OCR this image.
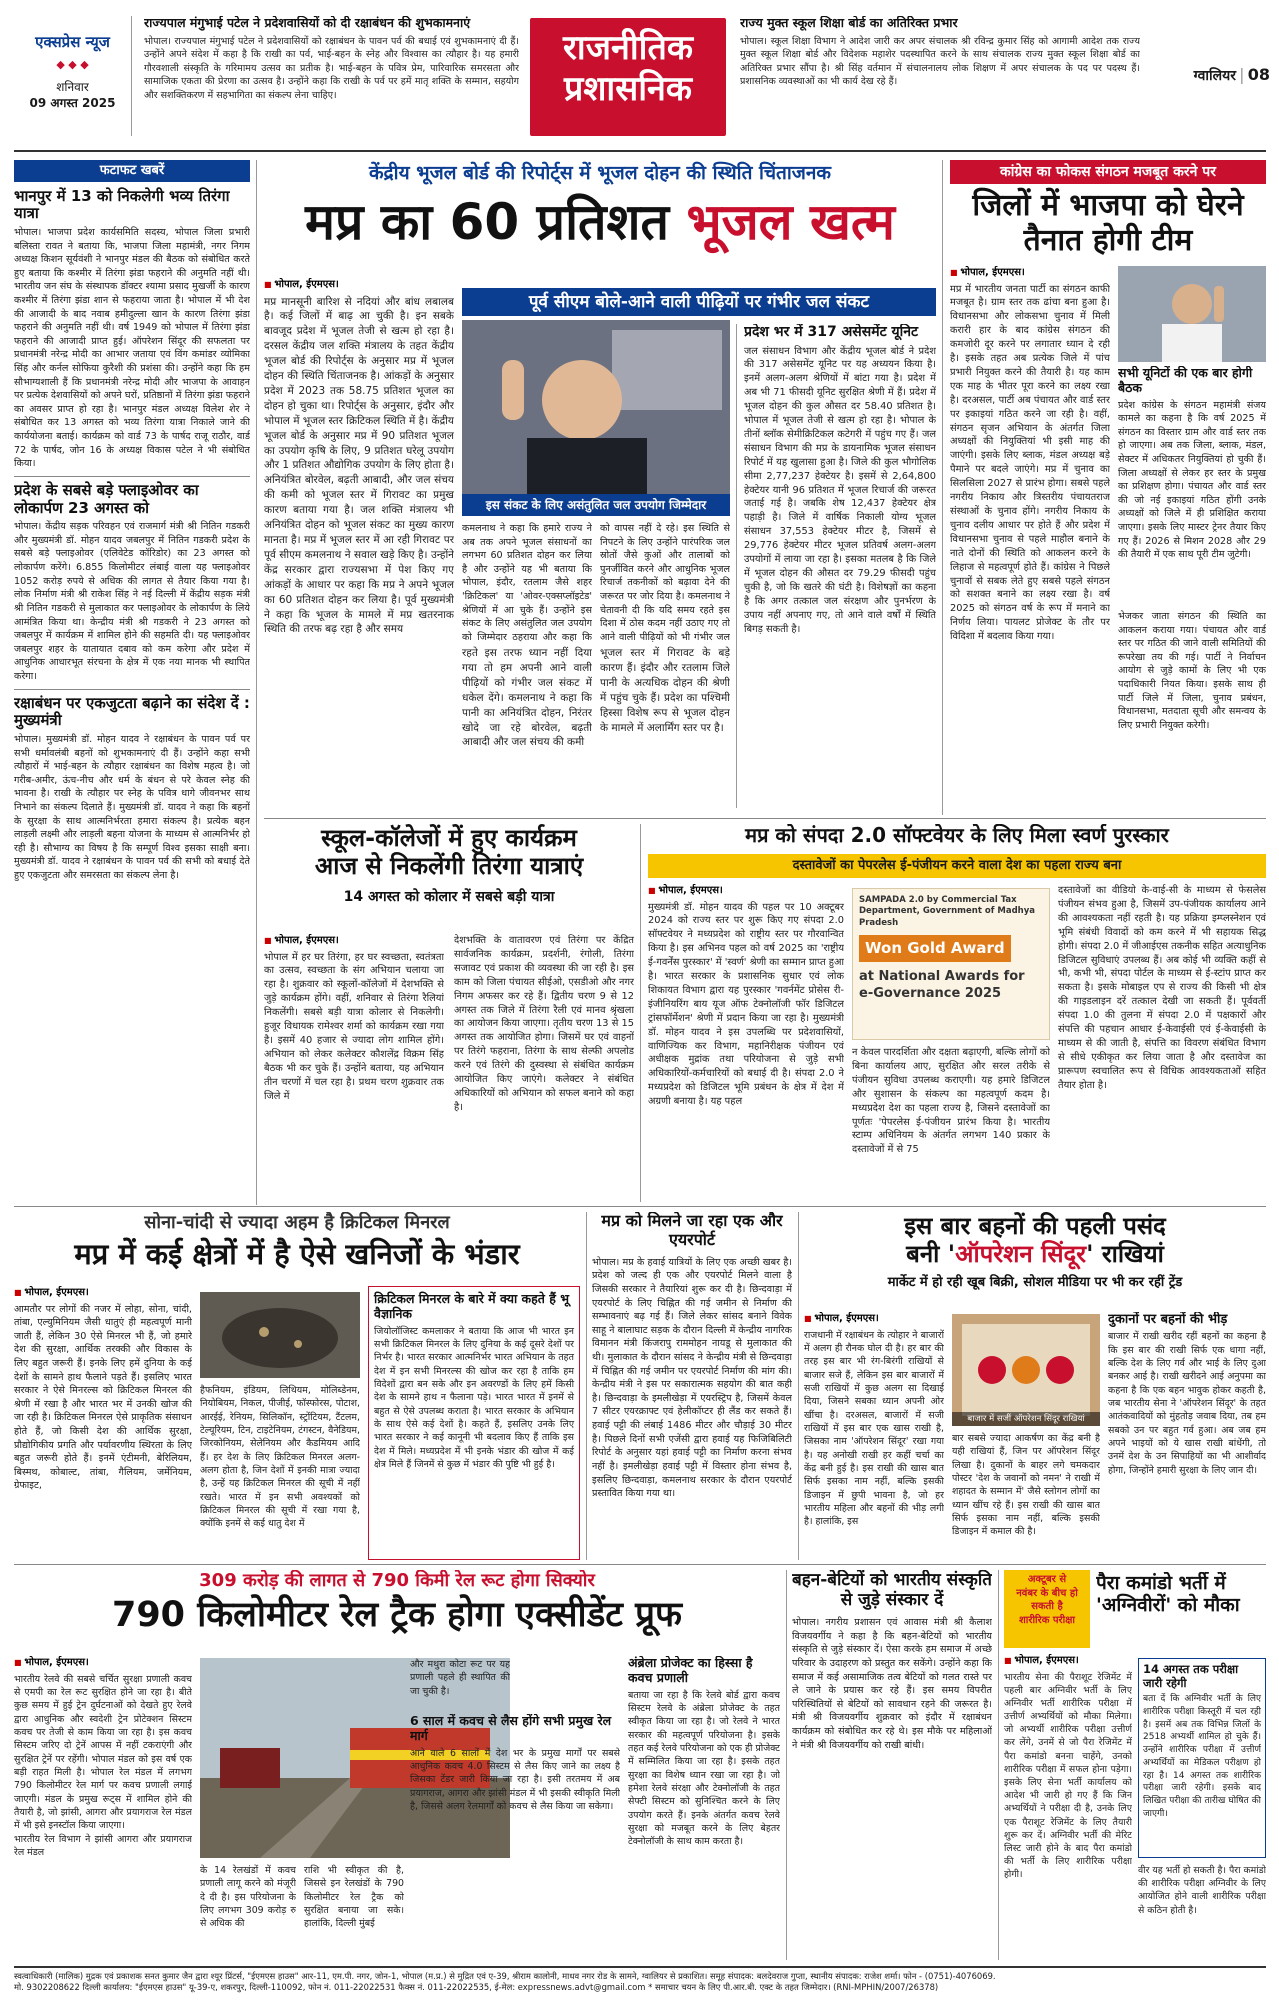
एक्सप्रेस न्यूज
◆ ◆ ◆
शनिवार
09 अगस्त 2025
राज्यपाल मंगुभाई पटेल ने प्रदेशवासियों को दी रक्षाबंधन की शुभकामनाएं
भोपाल। राज्यपाल मंगुभाई पटेल ने प्रदेशवासियों को रक्षाबंधन के पावन पर्व की बधाई एवं शुभकामनाएं दी हैं। उन्होंने अपने संदेश में कहा है कि राखी का पर्व, भाई-बहन के स्नेह और विश्वास का त्यौहार है। यह हमारी गौरवशाली संस्कृति के गरिमामय उत्सव का प्रतीक है। भाई-बहन के पवित्र प्रेम, पारिवारिक समरसता और सामाजिक एकता की प्रेरणा का उत्सव है। उन्होंने कहा कि राखी के पर्व पर हमें मातृ शक्ति के सम्मान, सहयोग और सशक्तिकरण में सहभागिता का संकल्प लेना चाहिए।
राजनीतिक
प्रशासनिक
राज्य मुक्त स्कूल शिक्षा बोर्ड का अतिरिक्त प्रभार
भोपाल। स्कूल शिक्षा विभाग ने आदेश जारी कर अपर संचालक श्री रविन्द्र कुमार सिंह को आगामी आदेश तक राज्य मुक्त स्कूल शिक्षा बोर्ड और विदेशक महाशेर पदस्थापित करने के साथ संचालक राज्य मुक्त स्कूल शिक्षा बोर्ड का अतिरिक्त प्रभार सौंपा है। श्री सिंह वर्तमान में संचालनालय लोक शिक्षण में अपर संचालक के पद पर पदस्थ हैं। प्रशासनिक व्यवस्थाओं का भी कार्य देख रहे हैं।	ग्वालियर | 08
फटाफट खबरें
भानपुर में 13 को निकलेगी भव्य तिरंगा यात्रा
भोपाल। भाजपा प्रदेश कार्यसमिति सदस्य, भोपाल जिला प्रभारी बलिस्ता रावत ने बताया कि, भाजपा जिला महामंत्री, नगर निगम अध्यक्ष किशन सूर्यवंशी ने भानपुर मंडल की बैठक को संबोधित करते हुए बताया कि कश्मीर में तिरंगा झंडा फहराने की अनुमति नहीं थी। भारतीय जन संघ के संस्थापक डॉक्टर श्यामा प्रसाद मुखर्जी के कारण कश्मीर में तिरंगा झंडा शान से फहराया जाता है। भोपाल में भी देश की आजादी के बाद नवाब हमीदुल्ला खान के कारण तिरंगा झंडा फहराने की अनुमति नहीं थी। वर्ष 1949 को भोपाल में तिरंगा झंडा फहराने की आजादी प्राप्त हुई। ऑपरेशन सिंदूर की सफलता पर प्रधानमंत्री नरेन्द्र मोदी का आभार जताया एवं विंग कमांडर व्योमिका सिंह और कर्नल सोफिया कुरैशी की प्रशंसा की। उन्होंने कहा कि हम सौभाग्यशाली हैं कि प्रधानमंत्री नरेन्द्र मोदी और भाजपा के आवाहन पर प्रत्येक देशवासियों को अपने घरों, प्रतिष्ठानों में तिरंगा झंडा फहराने का अवसर प्राप्त हो रहा है। भानपुर मंडल अध्यक्ष विलेश शेर ने संबोधित कर 13 अगस्त को भव्य तिरंगा यात्रा निकाले जाने की कार्ययोजना बताई। कार्यक्रम को वार्ड 73 के पार्षद राजू राठौर, वार्ड 72 के पार्षद, जोन 16 के अध्यक्ष विकास पटेल ने भी संबोधित किया।
प्रदेश के सबसे बड़े फ्लाइओवर का लोकार्पण 23 अगस्त को
भोपाल। केंद्रीय सड़क परिवहन एवं राजमार्ग मंत्री श्री नितिन गडकरी और मुख्यमंत्री डॉ. मोहन यादव जबलपुर में नितिन गडकरी प्रदेश के सबसे बड़े फ्लाइओवर (एलिवेटेड कॉरिडोर) का 23 अगस्त को लोकार्पण करेंगे। 6.855 किलोमीटर लंबाई वाला यह फ्लाइओवर 1052 करोड़ रुपये से अधिक की लागत से तैयार किया गया है। लोक निर्माण मंत्री श्री राकेश सिंह ने नई दिल्ली में केंद्रीय सड़क मंत्री श्री नितिन गडकरी से मुलाकात कर फ्लाइओवर के लोकार्पण के लिये आमंत्रित किया था। केन्द्रीय मंत्री श्री गडकरी ने 23 अगस्त को जबलपुर में कार्यक्रम में शामिल होने की सहमति दी। यह फ्लाइओवर जबलपुर शहर के यातायात दबाव को कम करेगा और प्रदेश में आधुनिक आधारभूत संरचना के क्षेत्र में एक नया मानक भी स्थापित करेगा।
रक्षाबंधन पर एकजुटता बढ़ाने का संदेश दें : मुख्यमंत्री
भोपाल। मुख्यमंत्री डॉ. मोहन यादव ने रक्षाबंधन के पावन पर्व पर सभी धर्मावलंबी बहनों को शुभकामनाएं दी हैं। उन्होंने कहा सभी त्यौहारों में भाई-बहन के त्यौहार रक्षाबंधन का विशेष महत्व है। जो गरीब-अमीर, ऊंच-नीच और धर्म के बंधन से परे केवल स्नेह की भावना है। राखी के त्यौहार पर स्नेह के पवित्र धागे जीवनभर साथ निभाने का संकल्प दिलाते हैं। मुख्यमंत्री डॉ. यादव ने कहा कि बहनों के सुरक्षा के साथ आत्मनिर्भरता हमारा संकल्प है। प्रत्येक बहन लाड़ली लक्ष्मी और लाड़ली बहना योजना के माध्यम से आत्मनिर्भर हो रही है। सौभाग्य का विषय है कि सम्पूर्ण विश्व इसका साक्षी बना। मुख्यमंत्री डॉ. यादव ने रक्षाबंधन के पावन पर्व की सभी को बधाई देते हुए एकजुटता और समरसता का संकल्प लेना है।
केंद्रीय भूजल बोर्ड की रिपोर्ट्स में भूजल दोहन की स्थिति चिंताजनक
मप्र का 60 प्रतिशत भूजल खत्म
■ भोपाल, ईएमएस।
मप्र मानसूनी बारिश से नदियां और बांध लबालब है। कई जिलों में बाढ़ आ चुकी है। इन सबके बावजूद प्रदेश में भूजल तेजी से खत्म हो रहा है। दरसल केंद्रीय जल शक्ति मंत्रालय के तहत केंद्रीय भूजल बोर्ड की रिपोर्ट्स के अनुसार मप्र में भूजल दोहन की स्थिति चिंताजनक है। आंकड़ों के अनुसार प्रदेश में 2023 तक 58.75 प्रतिशत भूजल का दोहन हो चुका था। रिपोर्ट्स के अनुसार, इंदौर और भोपाल में भूजल स्तर क्रिटिकल स्थिति में है। केंद्रीय भूजल बोर्ड के अनुसार मप्र में 90 प्रतिशत भूजल का उपयोग कृषि के लिए, 9 प्रतिशत घरेलू उपयोग और 1 प्रतिशत औद्योगिक उपयोग के लिए होता है। अनियंत्रित बोरवेल, बढ़ती आबादी, और जल संचय की कमी को भूजल स्तर में गिरावट का प्रमुख कारण बताया गया है। जल शक्ति मंत्रालय भी अनियंत्रित दोहन को भूजल संकट का मुख्य कारण मानता है। मप्र में भूजल स्तर में आ रही गिरावट पर पूर्व सीएम कमलनाथ ने सवाल खड़े किए है। उन्होंने केंद्र सरकार द्वारा राज्यसभा में पेश किए गए आंकड़ों के आधार पर कहा कि मप्र ने अपने भूजल का 60 प्रतिशत दोहन कर लिया है। पूर्व मुख्यमंत्री ने कहा कि भूजल के मामले में मप्र खतरनाक स्थिति की तरफ बढ़ रहा है और समय
पूर्व सीएम बोले-आने वाली पीढ़ियों पर गंभीर जल संकट
इस संकट के लिए असंतुलित जल उपयोग जिम्मेदार
कमलनाथ ने कहा कि हमारे राज्य ने अब तक अपने भूजल संसाधनों का लगभग 60 प्रतिशत दोहन कर लिया है और उन्होंने यह भी बताया कि भोपाल, इंदौर, रतलाम जैसे शहर 'क्रिटिकल' या 'ओवर-एक्सप्लॉइटेड' श्रेणियों में आ चुके हैं। उन्होंने इस संकट के लिए असंतुलित जल उपयोग को जिम्मेदार ठहराया और कहा कि
को वापस नहीं दे रहे। इस स्थिति से निपटने के लिए उन्होंने पारंपरिक जल स्रोतों जैसे कुओं और तालाबों को पुनर्जीवित करने और आधुनिक भूजल रिचार्ज तकनीकों को बढ़ावा देने की जरूरत पर जोर दिया है। कमलनाथ ने चेतावनी दी कि यदि समय रहते इस दिशा में ठोस कदम नहीं उठाए गए तो आने वाली पीढ़ियों को भी गंभीर जल
रहते इस तरफ ध्यान नहीं दिया गया तो हम अपनी आने वाली पीढ़ियों को गंभीर जल संकट में धकेल देंगे। कमलनाथ ने कहा कि पानी का अनियंत्रित दोहन, निरंतर खोदे जा रहे बोरवेल, बढ़ती आबादी और जल संचय की कमी
भूजल स्तर में गिरावट के बड़े कारण हैं। इंदौर और रतलाम जिले पानी के अत्यधिक दोहन की श्रेणी में पहुंच चुके हैं। प्रदेश का पश्चिमी हिस्सा विशेष रूप से भूजल दोहन के मामले में अलार्मिंग स्तर पर है।
प्रदेश भर में 317 असेसमेंट यूनिट
जल संसाधन विभाग और केंद्रीय भूजल बोर्ड ने प्रदेश की 317 असेसमेंट यूनिट पर यह अध्ययन किया है। इनमें अलग-अलग श्रेणियों में बांटा गया है। प्रदेश में अब भी 71 फीसदी यूनिट सुरक्षित श्रेणी में हैं। प्रदेश में भूजल दोहन की कुल औसत दर 58.40 प्रतिशत है। भोपाल में भूजल तेजी से खत्म हो रहा है। भोपाल के तीनों ब्लॉक सेमीक्रिटिकल कटेगरी में पहुंच गए हैं। जल संसाधन विभाग की मप्र के डायनामिक भूजल संसाधन रिपोर्ट में यह खुलासा हुआ है। जिले की कुल भौगोलिक सीमा 2,77,237 हेक्टेयर है। इसमें से 2,64,800 हेक्टेयर यानी 96 प्रतिशत में भूजल रिचार्ज की जरूरत जताई गई है। जबकि शेष 12,437 हेक्टेयर क्षेत्र पहाड़ी है। जिले में वार्षिक निकाली योग्य भूजल संसाधन 37,553 हेक्टेयर मीटर है, जिसमें से 29,776 हेक्टेयर मीटर भूजल प्रतिवर्ष अलग-अलग उपयोगों में लाया जा रहा है। इसका मतलब है कि जिले में भूजल दोहन की औसत दर 79.29 फीसदी पहुंच चुकी है, जो कि खतरे की घंटी है। विशेषज्ञों का कहना है कि अगर तत्काल जल संरक्षण और पुनर्भरण के उपाय नहीं अपनाए गए, तो आने वाले वर्षों में स्थिति बिगड़ सकती है।
कांग्रेस का फोकस संगठन मजबूत करने पर
जिलों में भाजपा को घेरने तैनात होगी टीम
■ भोपाल, ईएमएस।
मप्र में भारतीय जनता पार्टी का संगठन काफी मजबूत है। ग्राम स्तर तक ढांचा बना हुआ है। विधानसभा और लोकसभा चुनाव में मिली करारी हार के बाद कांग्रेस संगठन की कमजोरी दूर करने पर लगातार ध्यान दे रही है। इसके तहत अब प्रत्येक जिले में पांच प्रभारी नियुक्त करने की तैयारी है। यह काम एक माह के भीतर पूरा करने का लक्ष्य रखा है। दरअसल, पार्टी अब पंचायत और वार्ड स्तर पर इकाइयां गठित करने जा रही है। वहीं, संगठन सृजन अभियान के अंतर्गत जिला अध्यक्षों की नियुक्तियां भी इसी माह की जाएंगी। इसके लिए ब्लाक, मंडल अध्यक्ष बड़े पैमाने पर बदले जाएंगे। मप्र में चुनाव का सिलसिला 2027 से प्रारंभ होगा। सबसे पहले नगरीय निकाय और त्रिस्तरीय पंचायतराज संस्थाओं के चुनाव होंगे। नगरीय निकाय के चुनाव दलीय आधार पर होते हैं और प्रदेश में विधानसभा चुनाव से पहले माहौल बनाने के नाते दोनों की स्थिति को आकलन करने के लिहाज से महत्वपूर्ण होते हैं। कांग्रेस ने पिछले चुनावों से सबक लेते हुए सबसे पहले संगठन को सशक्त बनाने का लक्ष्य रखा है। वर्ष 2025 को संगठन वर्ष के रूप में मनाने का निर्णय लिया। पायलट प्रोजेक्ट के तौर पर विदिशा में बदलाव किया गया।
सभी यूनिटों की एक बार होगी बैठक
प्रदेश कांग्रेस के संगठन महामंत्री संजय कामले का कहना है कि वर्ष 2025 में संगठन का विस्तार ग्राम और वार्ड स्तर तक हो जाएगा। अब तक जिला, ब्लाक, मंडल, सेक्टर में अधिकतर नियुक्तियां हो चुकी हैं। जिला अध्यक्षों से लेकर हर स्तर के प्रमुख का प्रशिक्षण होगा। पंचायत और वार्ड स्तर की जो नई इकाइयां गठित होंगी उनके अध्यक्षों को जिले में ही प्रशिक्षित कराया जाएगा। इसके लिए मास्टर ट्रेनर तैयार किए गए हैं। 2026 से मिशन 2028 और 29 की तैयारी में एक साथ पूरी टीम जुटेगी।
भेजकर जाता संगठन की स्थिति का आकलन कराया गया। पंचायत और वार्ड स्तर पर गठित की जाने वाली समितियों की रूपरेखा तय की गई। पार्टी ने निर्वाचन आयोग से जुड़े कामों के लिए भी एक पदाधिकारी नियत किया। इसके साथ ही पार्टी जिले में जिला, चुनाव प्रबंधन, विधानसभा, मतदाता सूची और समन्वय के लिए प्रभारी नियुक्त करेगी।
स्कूल-कॉलेजों में हुए कार्यक्रम
आज से निकलेंगी तिरंगा यात्राएं
14 अगस्त को कोलार में सबसे बड़ी यात्रा
■ भोपाल, ईएमएस।
भोपाल में हर घर तिरंगा, हर घर स्वच्छता, स्वतंत्रता का उत्सव, स्वच्छता के संग अभियान चलाया जा रहा है। शुक्रवार को स्कूलों-कॉलेजों में देशभक्ति से जुड़े कार्यक्रम होंगे। वहीं, शनिवार से तिरंगा रैलियां निकलेंगी। सबसे बड़ी यात्रा कोलार से निकलेगी। हुजूर विधायक रामेश्वर शर्मा को कार्यक्रम रखा गया है। इसमें 40 हजार से ज्यादा लोग शामिल होंगे। अभियान को लेकर कलेक्टर कौशलेंद्र विक्रम सिंह बैठक भी कर चुके हैं। उन्होंने बताया, यह अभियान तीन चरणों में चल रहा है। प्रथम चरण शुक्रवार तक जिले में
देशभक्ति के वातावरण एवं तिरंगा पर केंद्रित सार्वजनिक कार्यक्रम, प्रदर्शनी, रंगोली, तिरंगा सजावट एवं प्रकाश की व्यवस्था की जा रही है। इस काम को जिला पंचायत सीईओ, एसडीओ और नगर निगम अफसर कर रहे हैं। द्वितीय चरण 9 से 12 अगस्त तक जिले में तिरंगा रैली एवं मानव श्रृंखला का आयोजन किया जाएगा। तृतीय चरण 13 से 15 अगस्त तक आयोजित होगा। जिसमें घर एवं वाहनों पर तिरंगे फहराना, तिरंगा के साथ सेल्फी अपलोड करने एवं तिरंगे की दुस्वस्था से संबंधित कार्यक्रम आयोजित किए जाएंगे। कलेक्टर ने संबंधित अधिकारियों को अभियान को सफल बनाने को कहा है।
मप्र को संपदा 2.0 सॉफ्टवेयर के लिए मिला स्वर्ण पुरस्कार
दस्तावेजों का पेपरलेस ई-पंजीयन करने वाला देश का पहला राज्य बना
■ भोपाल, ईएमएस।
मुख्यमंत्री डॉ. मोहन यादव की पहल पर 10 अक्टूबर 2024 को राज्य स्तर पर शुरू किए गए संपदा 2.0 सॉफ्टवेयर ने मध्यप्रदेश को राष्ट्रीय स्तर पर गौरवान्वित किया है। इस अभिनव पहल को वर्ष 2025 का 'राष्ट्रीय ई-गवर्नेंस पुरस्कार' में 'स्वर्ण' श्रेणी का सम्मान प्राप्त हुआ है। भारत सरकार के प्रशासनिक सुधार एवं लोक शिकायत विभाग द्वारा यह पुरस्कार 'गवर्नमेंट प्रोसेस री-इंजीनियरिंग बाय यूज ऑफ टेक्नोलॉजी फॉर डिजिटल ट्रांसफॉर्मेशन' श्रेणी में प्रदान किया जा रहा है। मुख्यमंत्री डॉ. मोहन यादव ने इस उपलब्धि पर प्रदेशवासियों, वाणिज्यिक कर विभाग, महानिरीक्षक पंजीयन एवं अधीक्षक मुद्रांक तथा परियोजना से जुड़े सभी अधिकारियों-कर्मचारियों को बधाई दी है। संपदा 2.0 ने मध्यप्रदेश को डिजिटल भूमि प्रबंधन के क्षेत्र में देश में अग्रणी बनाया है। यह पहल
SAMPADA 2.0 by Commercial Tax Department, Government of Madhya Pradesh
Won Gold Award
at National Awards for e-Governance 2025
न केवल पारदर्शिता और दक्षता बढ़ाएगी, बल्कि लोगों को बिना कार्यालय आए, सुरक्षित और सरल तरीके से पंजीयन सुविधा उपलब्ध कराएगी। यह हमारे डिजिटल और सुशासन के संकल्प का महत्वपूर्ण कदम है। मध्यप्रदेश देश का पहला राज्य है, जिसने दस्तावेजों का पूर्णतः 'पेपरलेस ई-पंजीयन प्रारंभ किया है। भारतीय स्टाम्प अधिनियम के अंतर्गत लगभग 140 प्रकार के दस्तावेजों में से 75
दस्तावेजों का वीडियो के-वाई-सी के माध्यम से फेसलेस पंजीयन संभव हुआ है, जिसमें उप-पंजीयक कार्यालय आने की आवश्यकता नहीं रहती है। यह प्रक्रिया इम्प्लस्नेशन एवं भूमि संबंधी विवादों को कम करने में भी सहायक सिद्ध होगी। संपदा 2.0 में जीआईएस तकनीक सहित अत्याधुनिक डिजिटल सुविधाएं उपलब्ध हैं। अब कोई भी व्यक्ति कहीं से भी, कभी भी, संपदा पोर्टल के माध्यम से ई-स्टांप प्राप्त कर सकता है। इसके मोबाइल एप से राज्य की किसी भी क्षेत्र की गाइडलाइन दरें तत्काल देखी जा सकती हैं। पूर्ववर्ती संपदा 1.0 की तुलना में संपदा 2.0 में पक्षकारों और संपत्ति की पहचान आधार ई-केवाईसी एवं ई-केवाईसी के माध्यम से की जाती है, संपत्ति का विवरण संबंधित विभाग से सीधे एकीकृत कर लिया जाता है और दस्तावेज का प्रारूपण स्वचालित रूप से विधिक आवश्यकताओं सहित तैयार होता है।
सोना-चांदी से ज्यादा अहम है क्रिटिकल मिनरल
मप्र में कई क्षेत्रों में है ऐसे खनिजों के भंडार
■ भोपाल, ईएमएस।
आमतौर पर लोगों की नजर में लोहा, सोना, चांदी, तांबा, एल्युमिनियम जैसी धातुएं ही महत्वपूर्ण मानी जाती हैं, लेकिन 30 ऐसे मिनरल भी हैं, जो हमारे देश की सुरक्षा, आर्थिक तरक्की और विकास के लिए बहुत जरूरी हैं। इनके लिए हमें दुनिया के कई देशों के सामने हाथ फैलाने पड़ते हैं। इसलिए भारत सरकार ने ऐसे मिनरल्स को क्रिटिकल मिनरल की श्रेणी में रखा है और भारत भर में उनकी खोज की जा रही है। क्रिटिकल मिनरल ऐसे प्राकृतिक संसाधन होते हैं, जो किसी देश की आर्थिक सुरक्षा, प्रौद्योगिकीय प्रगति और पर्यावरणीय स्थिरता के लिए बहुत जरूरी होते हैं। इनमें एंटीमनी, बेरिलियम, बिस्मथ, कोबाल्ट, तांबा, गैलियम, जर्मेनियम, ग्रेफाइट,
हैफनियम, इंडियम, लिथियम, मोलिब्डेनम, नियोबियम, निकल, पीजीई, फॉस्फोरस, पोटाश, आरईई, रेनियम, सिलिकॉन, स्ट्रोंटियम, टैंटलम, टेल्यूरियम, टिन, टाइटेनियम, टंगस्टन, वैनेडियम, जिरकोनियम, सेलेनियम और कैडमियम आदि हैं। हर देश के लिए क्रिटिकल मिनरल अलग-अलग होता है, जिन देशों में इनकी मात्रा ज्यादा है, उन्हें यह क्रिटिकल मिनरल की सूची में नहीं रखते। भारत में इन सभी अवश्यकों को क्रिटिकल मिनरल की सूची में रखा गया है, क्योंकि इनमें से कई धातु देश में
क्रिटिकल मिनरल के बारे में क्या कहते हैं भू वैज्ञानिक
जियोलॉजिस्ट कमलाकर ने बताया कि आज भी भारत इन सभी क्रिटिकल मिनरल के लिए दुनिया के कई दूसरे देशों पर निर्भर है। भारत सरकार आत्मनिर्भर भारत अभियान के तहत देश में इन सभी मिनरल्स की खोज कर रहा है ताकि हम विदेशों द्वारा बन सके और इन अवरण्डों के लिए हमें किसी देश के सामने हाथ न फैलाना पड़े। भारत भारत में इनमें से बहुत से ऐसे उपलब्ध कराता है। भारत सरकार के अभियान के साथ ऐसे कई देशों है। कहते हैं, इसलिए उनके लिए भारत सरकार ने कई कानूनी भी बदलाव किए हैं ताकि इस देश में मिले। मध्यप्रदेश में भी इनके भंडार की खोज में कई क्षेत्र मिले हैं जिनमें से कुछ में भंडार की पुष्टि भी हुई है।
मप्र को मिलने जा रहा एक और एयरपोर्ट
भोपाल। मप्र के हवाई यात्रियों के लिए एक अच्छी खबर है। प्रदेश को जल्द ही एक और एयरपोर्ट मिलने वाला है जिसकी सरकार ने तैयारियां शुरू कर दी है। छिन्दवाड़ा में एयरपोर्ट के लिए चिह्नित की गई जमीन से निर्माण की सम्भावनाएं बढ़ गई हैं। जिले लेकर सांसद बनाने विवेक साहू ने बालाघाट सड़क के दौरान दिल्ली में केन्द्रीय नागरिक विमानन मंत्री किंजरापु राममोहन नायडू से मुलाकात की थी। मुलाकात के दौरान सांसद ने केन्द्रीय मंत्री से छिन्दवाड़ा में चिह्नित की गई जमीन पर एयरपोर्ट निर्माण की मांग की। केन्द्रीय मंत्री ने इस पर सकारात्मक सहयोग की बात कही है। छिन्दवाड़ा के इमलीखेड़ा में एयरस्ट्रिप है, जिसमें केवल 7 सीटर एयरक्राफ्ट एवं हेलीकॉप्टर ही लैंड कर सकते हैं। हवाई पट्टी की लंबाई 1486 मीटर और चौड़ाई 30 मीटर है। पिछले दिनों सभी एजेंसी द्वारा हवाई यह फिजिबिलिटी रिपोर्ट के अनुसार यहां हवाई पट्टी का निर्माण करना संभव नहीं है। इमलीखेड़ा हवाई पट्टी में विस्तार होना संभव है, इसलिए छिन्दवाड़ा, कमलनाथ सरकार के दौरान एयरपोर्ट प्रस्तावित किया गया था।
इस बार बहनों की पहली पसंद
बनी 'ऑपरेशन सिंदूर' राखियां
मार्केट में हो रही खूब बिक्री, सोशल मीडिया पर भी कर रहीं ट्रेंड
■ भोपाल, ईएमएस।
राजधानी में रक्षाबंधन के त्योहार ने बाजारों में अलग ही रौनक घोल दी है। हर बार की तरह इस बार भी रंग-बिरंगी राखियों से बाजार सजे हैं, लेकिन इस बार बाजारों में सजी राखियों में कुछ अलग सा दिखाई दिया, जिसने सबका ध्यान अपनी ओर खींचा है। दरअसल, बाजारों में सजी राखियों में इस बार एक खास राखी है, जिसका नाम 'ऑपरेशन सिंदूर' रखा गया है। यह अनोखी राखी हर कहीं चर्चा का केंद्र बनी हुई है। इस राखी की खास बात सिर्फ इसका नाम नहीं, बल्कि इसकी डिजाइन में छुपी भावना है, जो हर भारतीय महिला और बहनों की भीड़ लगी है। हालांकि, इस
बाजार में सजीं ऑपरेशन सिंदूर राखियां
बार सबसे ज्यादा आकर्षण का केंद्र बनी है यही राखियां हैं, जिन पर ऑपरेशन सिंदूर लिखा है। दुकानों के बाहर लगे चमकदार पोस्टर 'देश के जवानों को नमन' ने राखी में शहादत के सम्मान में' जैसे स्लोगन लोगों का ध्यान खींच रहे हैं। इस राखी की खास बात सिर्फ इसका नाम नहीं, बल्कि इसकी डिजाइन में कमाल की है।
दुकानों पर बहनों की भीड़
बाजार में राखी खरीद रहीं बहनों का कहना है कि इस बार की राखी सिर्फ एक धागा नहीं, बल्कि देश के लिए गर्व और भाई के लिए दुआ बनकर आई है। राखी खरीदने आई अनुपमा का कहना है कि एक बहन भावुक होकर कहती है, जब भारतीय सेना ने 'ऑपरेशन सिंदूर' के तहत आतंकवादियों को मुंहतोड़ जवाब दिया, तब हम सबको उन पर बहुत गर्व हुआ। अब जब हम अपने भाइयों को ये खास राखी बांधेंगी, तो उनमें देश के उन सिपाहियों का भी आशीर्वाद होगा, जिन्होंने हमारी सुरक्षा के लिए जान दी।
309 करोड़ की लागत से 790 किमी रेल रूट होगा सिक्योर
790 किलोमीटर रेल ट्रैक होगा एक्सीडेंट प्रूफ
■ भोपाल, ईएमएस।
भारतीय रेलवे की सबसे चर्चित सुरक्षा प्रणाली कवच से एमपी का रेल रूट सुरक्षित होने जा रहा है। बीते कुछ समय में हुई ट्रेन दुर्घटनाओं को देखते हुए रेलवे द्वारा आधुनिक और स्वदेशी ट्रेन प्रोटेक्शन सिस्टम कवच पर तेजी से काम किया जा रहा है। इस कवच सिस्टम जरिए दो ट्रेनें आपस में नहीं टकराएंगी और सुरक्षित ट्रेनें पर रहेंगी। भोपाल मंडल को इस वर्ष एक बड़ी राहत मिली है। भोपाल रेल मंडल में लगभग 790 किलोमीटर रेल मार्ग पर कवच प्रणाली लगाई जाएगी। मंडल के प्रमुख रूट्स में शामिल होने की तैयारी है, जो झांसी, आगरा और प्रयागराज रेल मंडल में भी इसे इनस्टॉल किया जाएगा।
भारतीय रेल विभाग ने झांसी आगरा और प्रयागराज रेल मंडल
के 14 रेलखंडों में कवच प्रणाली लागू करने को मंजूरी दे दी है। इस परियोजना के लिए लगभग 309 करोड़ रु से अधिक की
राशि भी स्वीकृत की है, जिससे इन रेलखंडों के 790 किलोमीटर रेल ट्रैक को सुरक्षित बनाया जा सके। हालांकि, दिल्ली मुंबई
और मथुरा कोटा रूट पर यह प्रणाली पहले ही स्थापित की जा चुकी है।
6 साल में कवच से लैस होंगे सभी प्रमुख रेल मार्ग
आने वाले 6 सालों में देश भर के प्रमुख मार्गों पर सबसे आधुनिक कवच 4.0 सिस्टम से लैस किए जाने का लक्ष्य है जिसका टेंडर जारी किया जा रहा है। इसी तरतमय में अब प्रयागराज, आगरा और झांसी मंडल में भी इसकी स्वीकृति मिली है, जिससे अलग रेलमार्गों को कवच से लैस किया जा सकेगा।
अंब्रेला प्रोजेक्ट का हिस्सा है कवच प्रणाली
बताया जा रहा है कि रेलवे बोर्ड द्वारा कवच सिस्टम रेलवे के अंब्रेला प्रोजेक्ट के तहत स्वीकृत किया जा रहा है। जो रेलवे ने भारत सरकार की महत्वपूर्ण परियोजना है। इसके तहत कई रेलवे परियोजना को एक ही प्रोजेक्ट में सम्मिलित किया जा रहा है। इसके तहत सुरक्षा का विशेष ध्यान रखा जा रहा है। जो हमेशा रेलवे संरक्षा और टेक्नोलॉजी के तहत सेफ्टी सिस्टम को सुनिश्चित करने के लिए उपयोग करते हैं। इनके अंतर्गत कवच रेलवे सुरक्षा को मजबूत करने के लिए बेहतर टेक्नोलॉजी के साथ काम करता है।
बहन-बेटियों को भारतीय संस्कृति से जुड़े संस्कार दें
भोपाल। नगरीय प्रशासन एवं आवास मंत्री श्री कैलाश विजयवर्गीय ने कहा है कि बहन-बेटियों को भारतीय संस्कृति से जुड़े संस्कार दें। ऐसा करके हम समाज में अच्छे परिवार के उदाहरण को प्रस्तुत कर सकेंगे। उन्होंने कहा कि समाज में कई असामाजिक तत्व बेटियों को गलत रास्ते पर ले जाने के प्रयास कर रहे हैं। इस समय विपरीत परिस्थितियों से बेटियों को सावधान रहने की जरूरत है। मंत्री श्री विजयवर्गीय शुक्रवार को इंदौर में रक्षाबंधन कार्यक्रम को संबोधित कर रहे थे। इस मौके पर महिलाओं ने मंत्री श्री विजयवर्गीय को राखी बांधी।
अक्टूबर से
नवंबर के बीच हो
सकती है
शारीरिक परीक्षा
पैरा कमांडो भर्ती में
'अग्निवीरों' को मौका
■ भोपाल, ईएमएस।
भारतीय सेना की पैराशूट रेजिमेंट में पहली बार अग्निवीर भर्ती के लिए अग्निवीर भर्ती शारीरिक परीक्षा में उत्तीर्ण अभ्यर्थियों को मौका मिलेगा। जो अभ्यर्थी शारीरिक परीक्षा उत्तीर्ण कर लेंगे, उनमें से जो पैरा रेजिमेंट में पैरा कमांडो बनना चाहेंगे, उनको शारीरिक परीक्षा में सफल होना पड़ेगा। इसके लिए सेना भर्ती कार्यालय को आदेश भी जारी हो गए हैं कि जिन अभ्यर्थियों ने परीक्षा दी है, उनके लिए एक पैराशूट रेजिमेंट के लिए तैयारी शुरू कर दें। अग्निवीर भर्ती की मेरिट लिस्ट जारी होने के बाद पैरा कमांडो की भर्ती के लिए शारीरिक परीक्षा होगी।
14 अगस्त तक परीक्षा जारी रहेगी
बता दें कि अग्निवीर भर्ती के लिए शारीरिक परीक्षा किस्तूरी में चल रही है। इसमें अब तक विभिन्न जिलों के 2518 अभ्यर्थी शामिल हो चुके हैं। उन्होंने शारीरिक परीक्षा में उत्तीर्ण अभ्यर्थियों का मेडिकल परीक्षण हो रहा है। 14 अगस्त तक शारीरिक परीक्षा जारी रहेगी। इसके बाद लिखित परीक्षा की तारीख घोषित की जाएगी।
वीर यह भर्ती हो सकती है। पैरा कमांडो की शारीरिक परीक्षा अग्निवीर के लिए आयोजित होने वाली शारीरिक परीक्षा से कठिन होती है।
स्वत्वाधिकारी (मालिक) मुद्रक एवं प्रकाशक सनत कुमार जैन द्वारा श्यूर प्रिंटर्स, "ईएमएस हाउस" आर-11, एम.पी. नगर, जोन-1, भोपाल (म.प्र.) से मुद्रित एवं ए-39, श्रीराम कालोनी, माधव नगर रोड के सामने, ग्वालियर से प्रकाशित। समूह संपादक: बलदेवराज गुप्ता, स्थानीय संपादक: राजेश शर्मा। फोन - (0751)-4076069.
मो. 9302208622 दिल्ली कार्यालय: "ईएमएस हाउस" यू-39-ए, शकरपुर, दिल्ली-110092, फोन नं. 011-22022531 फैक्स नं. 011-22022535, ई-मेल: expressnews.advt@gmail.com * समाचार चयन के लिए पी.आर.बी. एक्ट के तहत जिम्मेदार। (RNI-MPHIN/2007/26378)
